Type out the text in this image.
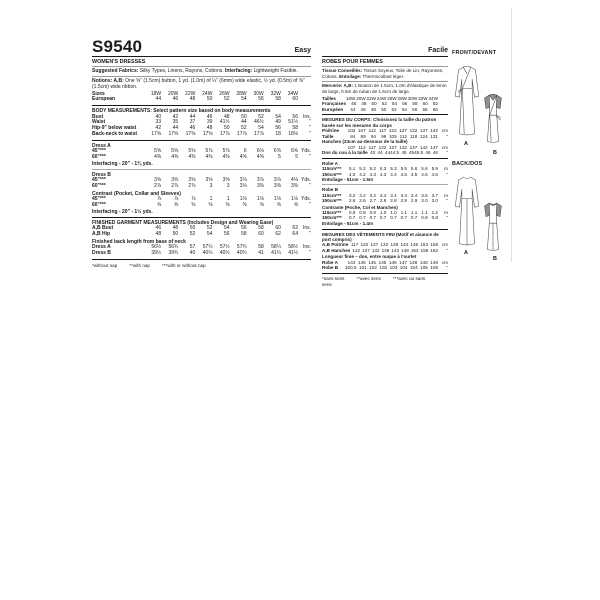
S9540	Easy
WOMEN'S DRESSES
Suggested Fabrics: Silky Types, Linens, Rayons, Cottons. Interfacing: Lightweight Fusible.
Notions: A,B: One ⅝" (1.5cm) button, 1 yd. (1.0m) of ¼" (6mm) wide elastic, ½ yd. (0.5m) of ⅝" (1.5cm) wide ribbon.
Sizes	18W	20W	22W	24W	26W	28W	30W	32W	34W
European	44	46	48	50	52	54	56	58	60
BODY MEASUREMENTS: Select pattern size based on body measurements
Bust	40	42	44	46	48	50	52	54	56 Ins.
Waist	33	35	37	39	41½	44	46½	49	51½	"
Hip-9" below waist	42	44	46	48	50	52	54	56	58	"
Back-neck to waist	17⅝	17⅝	17⅝	17⅝	17⅞	17⅞	17⅞	18	18⅛	"
Dress A
45"***	5⅝	5⅝	5⅝	5⅞	5⅞	6	6⅛	6⅜	6⅝ Yds.
60"***	4⅜	4⅜	4⅜	4⅜	4⅜	4⅝	4⅝	5	5	"
Interfacing - 20" - 1⅜ yds.
Dress B
45"***	3⅝	3⅝	3⅝	3⅝	3⅝	3⅞	3⅞	3⅞	4⅛ Yds.
60"***	2⅞	2⅞	2⅞	3	3	3⅛	3⅜	3⅜	3⅜	"
Contrast (Pocket, Collar and Sleeves)
45"***	⅞	⅞	⅞	1	1	1⅛	1⅛	1⅛	1⅛ Yds.
60"***	⅝	⅝	⅝	⅝	⅝	⅝	⅝	⅝	⅝	"
Interfacing - 20" - 1½ yds.
FINISHED GARMENT MEASUREMENTS (Includes Design and Wearing Ease)
A,B Bust	46	48	50	52	54	56	58	60	62 Ins.
A,B Hip	48	50	52	54	56	58	60	62	64	"
Finished back length from base of neck
Dress A	56½	56¾	57	57¼	57½	57¾	58	58¼	58½ Ins.
Dress B	39½	39¾	40	40¼	40½	40¾	41	41¼	41½	"
*without nap	**with nap	***with or without nap
Facile
ROBES POUR FEMMES
Tissus Conseillés: Tissus Soyeux, Toile de Lin, Rayonnes, Cotons. Entoilage: Thermocollant léger.
Mercerie: A,B: 1 Bouton de 1.5cm, 1.0m d'élastique de 6mm de large, 0.5m de ruban de 1.5cm de large.
Tailles	18W 20W 22W 24W 26W 28W 30W 32W 34W
Françaises	46	48	50	52	54	56	58	60	62
Européen	44	46	48	50	52	54	56	58	60
MESURES DU CORPS: Choisissez la taille du patron basée sur les mesures du corps
Poitrine	102 107 112 117 122 127 132 137 142 cm
Taille	84	89	94	99 105 112 118 124 131	"
Hanches (23cm au-dessous de la taille)
107 112 117 122 127 132 137 142 147 cm
Dos du cou à la taille 43 44 44 44.5 45 45 45.5 46 46	"
Robe A
115cm***	5.1 5.2 5.2 5.3 5.3 5.5 5.6 5.6 5.9	m
150cm***	4.0 4.2 4.3 4.3 4.4 4.5 4.5 4.6 4.6	"
Entoilage - 51cm - 1.5m
Robe B
115cm***	3.2 3.2 3.2 3.4 3.4 3.4 3.4 3.5 3.7	m
150cm***	2.6 2.6 2.7 2.8 2.8 2.9 2.9 3.0 3.0	"
Contraste (Poche, Col et Manches)
115cm***	0.8 0.8 0.8 1.0 1.0 1.1 1.1 1.1 1.2	m
150cm***	0.7 0.7 0.7 0.7 0.7 0.7 0.7 0.8 0.8	"
Entoilage - 51cm - 1.4m
MESURES DES VÊTEMENTS FINI (Motif et aisance de port compris)
A,B Poitrine 117 122 127 132 138 143 148 153 158 cm
A,B Hanches 122 127 132 138 143 148 153 158 163	"
Longueur finie – dos, entre nuque à l'ourlet
Robe A	144 145 145 145 146 147 148 148 149 cm
Robe B	100.5 101 102 102 103 104 104 105 106	"
*sans sens	**avec sens	***avec ou sans sens
FRONT/DEVANT
A
B
BACK/DOS
A
B
